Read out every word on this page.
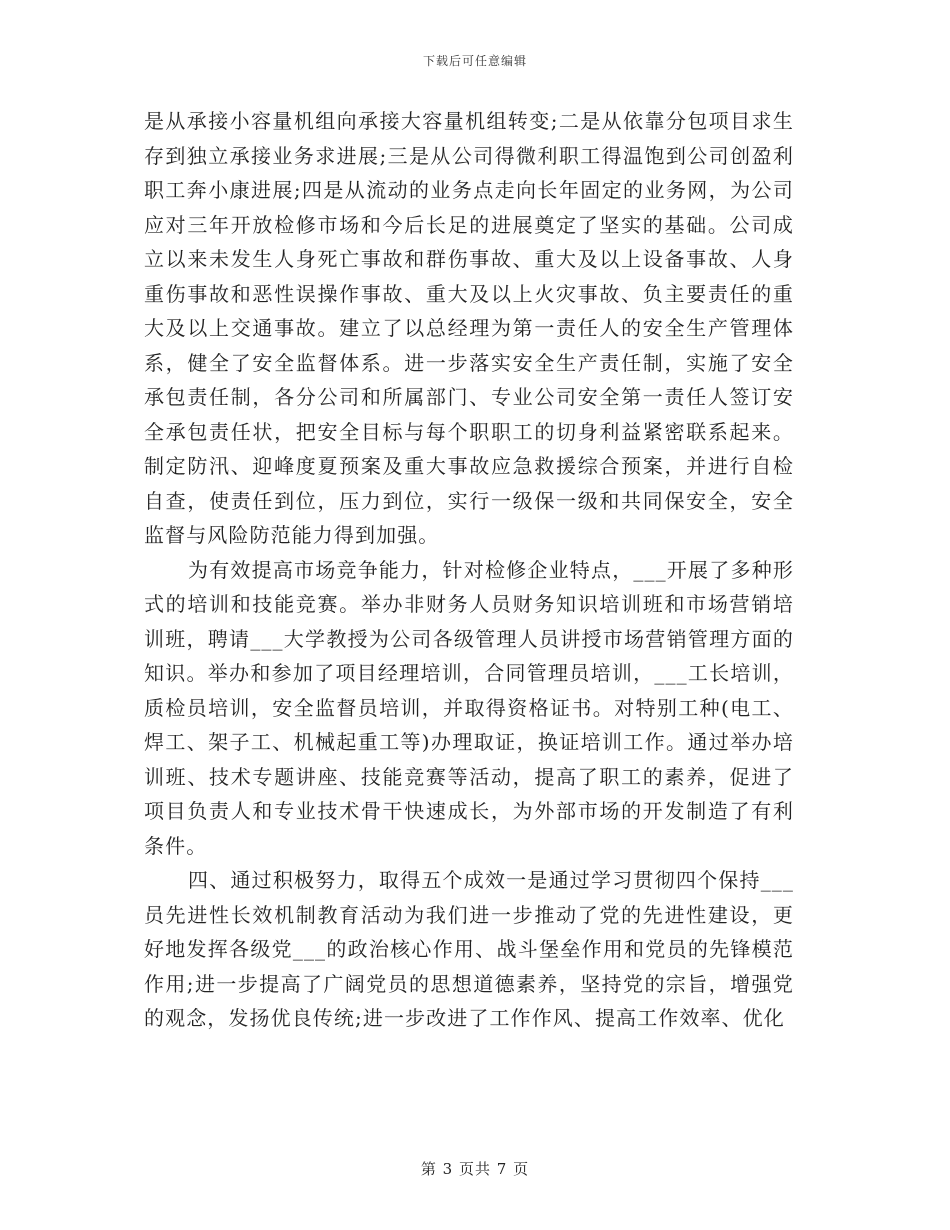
下载后可任意编辑

是从承接小容量机组向承接大容量机组转变;二是从依靠分包项目求生存到独立承接业务求进展;三是从公司得微利职工得温饱到公司创盈利职工奔小康进展;四是从流动的业务点走向长年固定的业务网，为公司应对三年开放检修市场和今后长足的进展奠定了坚实的基础。公司成立以来未发生人身死亡事故和群伤事故、重大及以上设备事故、人身重伤事故和恶性误操作事故、重大及以上火灾事故、负主要责任的重大及以上交通事故。建立了以总经理为第一责任人的安全生产管理体系，健全了安全监督体系。进一步落实安全生产责任制，实施了安全承包责任制，各分公司和所属部门、专业公司安全第一责任人签订安全承包责任状，把安全目标与每个职职工的切身利益紧密联系起来。制定防汛、迎峰度夏预案及重大事故应急救援综合预案，并进行自检自查，使责任到位，压力到位，实行一级保一级和共同保安全，安全监督与风险防范能力得到加强。

为有效提高市场竞争能力，针对检修企业特点，___开展了多种形式的培训和技能竞赛。举办非财务人员财务知识培训班和市场营销培训班，聘请___大学教授为公司各级管理人员讲授市场营销管理方面的知识。举办和参加了项目经理培训，合同管理员培训，___工长培训，质检员培训，安全监督员培训，并取得资格证书。对特别工种(电工、焊工、架子工、机械起重工等)办理取证，换证培训工作。通过举办培训班、技术专题讲座、技能竞赛等活动，提高了职工的素养，促进了项目负责人和专业技术骨干快速成长，为外部市场的开发制造了有利条件。

四、通过积极努力，取得五个成效一是通过学习贯彻四个保持___员先进性长效机制教育活动为我们进一步推动了党的先进性建设，更好地发挥各级党___的政治核心作用、战斗堡垒作用和党员的先锋模范作用;进一步提高了广阔党员的思想道德素养，坚持党的宗旨，增强党的观念，发扬优良传统;进一步改进了工作作风、提高工作效率、优化

第 3 页共 7 页
